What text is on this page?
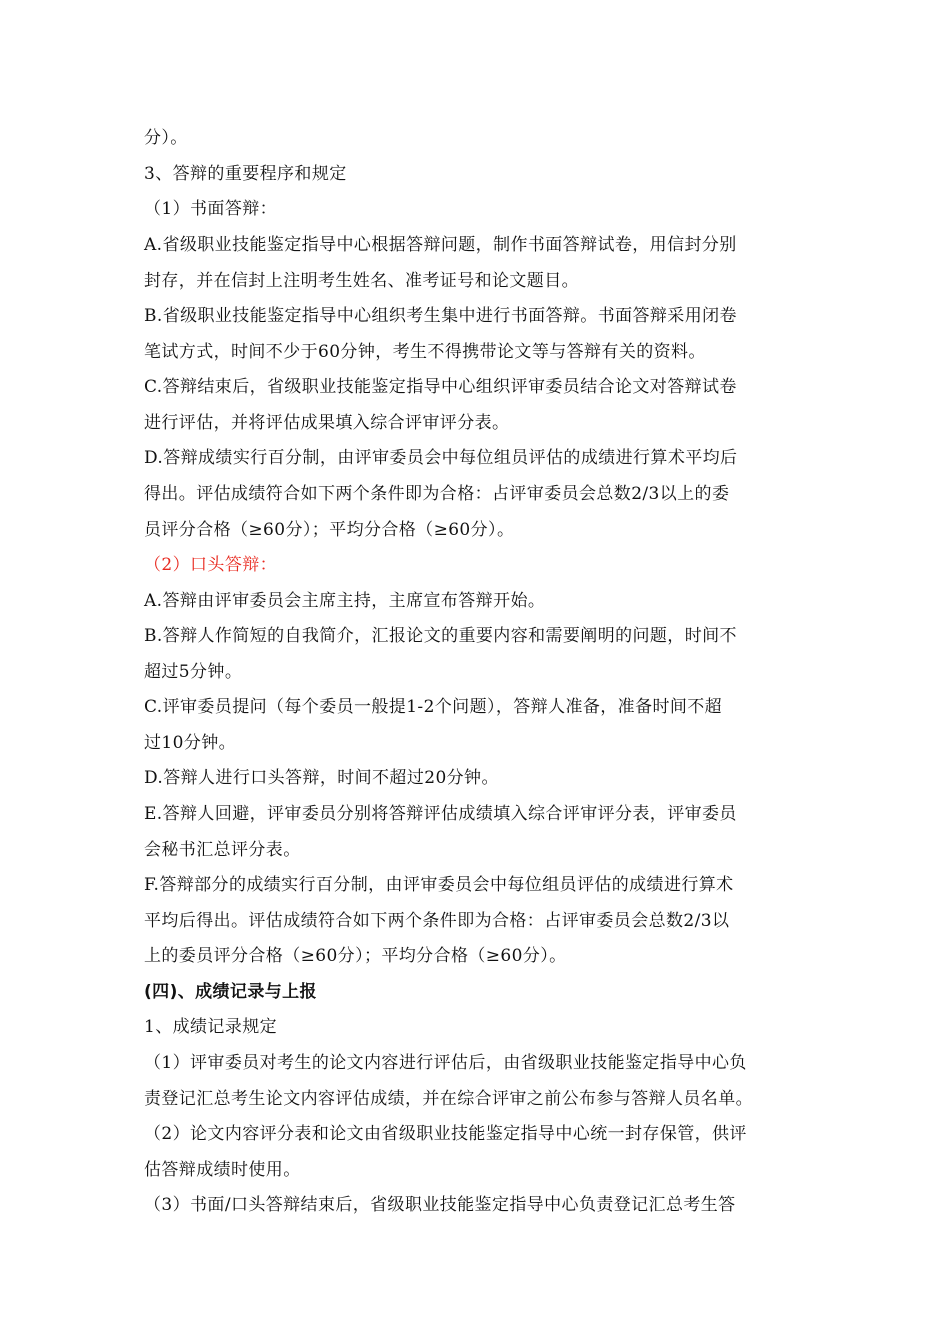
分）。
3、答辩的重要程序和规定
（1）书面答辩：
A.省级职业技能鉴定指导中心根据答辩问题，制作书面答辩试卷，用信封分别
封存，并在信封上注明考生姓名、准考证号和论文题目。
B.省级职业技能鉴定指导中心组织考生集中进行书面答辩。书面答辩采用闭卷
笔试方式，时间不少于60分钟，考生不得携带论文等与答辩有关的资料。
C.答辩结束后，省级职业技能鉴定指导中心组织评审委员结合论文对答辩试卷
进行评估，并将评估成果填入综合评审评分表。
D.答辩成绩实行百分制，由评审委员会中每位组员评估的成绩进行算术平均后
得出。评估成绩符合如下两个条件即为合格：占评审委员会总数2/3以上的委
员评分合格（≥60分）；平均分合格（≥60分）。
（2）口头答辩：
A.答辩由评审委员会主席主持，主席宣布答辩开始。
B.答辩人作简短的自我简介，汇报论文的重要内容和需要阐明的问题，时间不
超过5分钟。
C.评审委员提问（每个委员一般提1-2个问题），答辩人准备，准备时间不超
过10分钟。
D.答辩人进行口头答辩，时间不超过20分钟。
E.答辩人回避，评审委员分别将答辩评估成绩填入综合评审评分表，评审委员
会秘书汇总评分表。
F.答辩部分的成绩实行百分制，由评审委员会中每位组员评估的成绩进行算术
平均后得出。评估成绩符合如下两个条件即为合格：占评审委员会总数2/3以
上的委员评分合格（≥60分）；平均分合格（≥60分）。
(四)、成绩记录与上报
1、成绩记录规定
（1）评审委员对考生的论文内容进行评估后，由省级职业技能鉴定指导中心负
责登记汇总考生论文内容评估成绩，并在综合评审之前公布参与答辩人员名单。
（2）论文内容评分表和论文由省级职业技能鉴定指导中心统一封存保管，供评
估答辩成绩时使用。
（3）书面/口头答辩结束后，省级职业技能鉴定指导中心负责登记汇总考生答
